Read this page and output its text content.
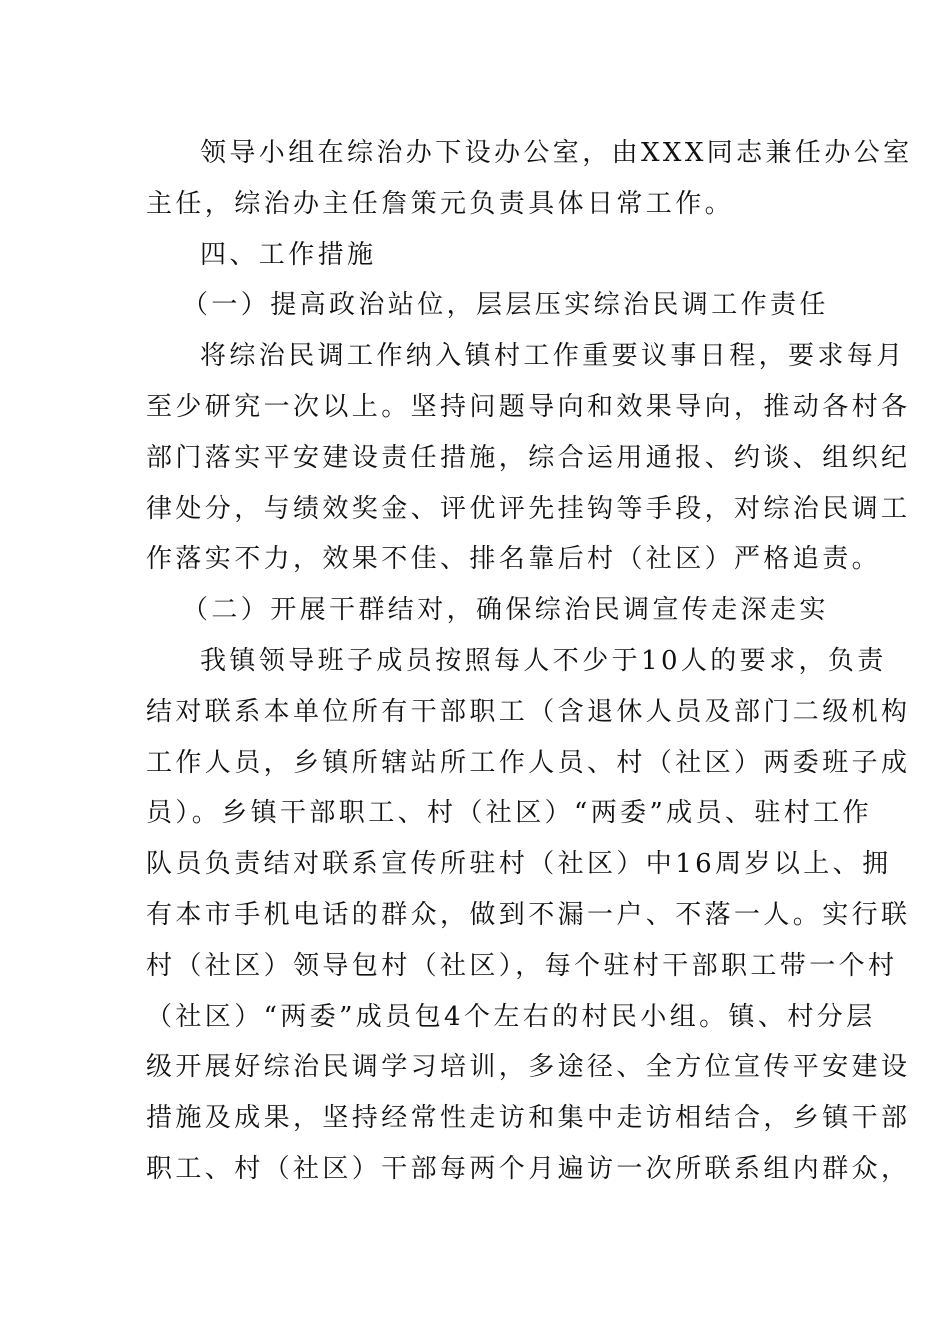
领导小组在综治办下设办公室，由XXX同志兼任办公室
主任，综治办主任詹策元负责具体日常工作。
四、工作措施
（一）提高政治站位，层层压实综治民调工作责任
将综治民调工作纳入镇村工作重要议事日程，要求每月
至少研究一次以上。坚持问题导向和效果导向，推动各村各
部门落实平安建设责任措施，综合运用通报、约谈、组织纪
律处分，与绩效奖金、评优评先挂钩等手段，对综治民调工
作落实不力，效果不佳、排名靠后村（社区）严格追责。
（二）开展干群结对，确保综治民调宣传走深走实
我镇领导班子成员按照每人不少于10人的要求，负责
结对联系本单位所有干部职工（含退休人员及部门二级机构
工作人员，乡镇所辖站所工作人员、村（社区）两委班子成
员）。乡镇干部职工、村（社区）“两委”成员、驻村工作
队员负责结对联系宣传所驻村（社区）中16周岁以上、拥
有本市手机电话的群众，做到不漏一户、不落一人。实行联
村（社区）领导包村（社区），每个驻村干部职工带一个村
（社区）“两委”成员包4个左右的村民小组。镇、村分层
级开展好综治民调学习培训，多途径、全方位宣传平安建设
措施及成果，坚持经常性走访和集中走访相结合，乡镇干部
职工、村（社区）干部每两个月遍访一次所联系组内群众，
